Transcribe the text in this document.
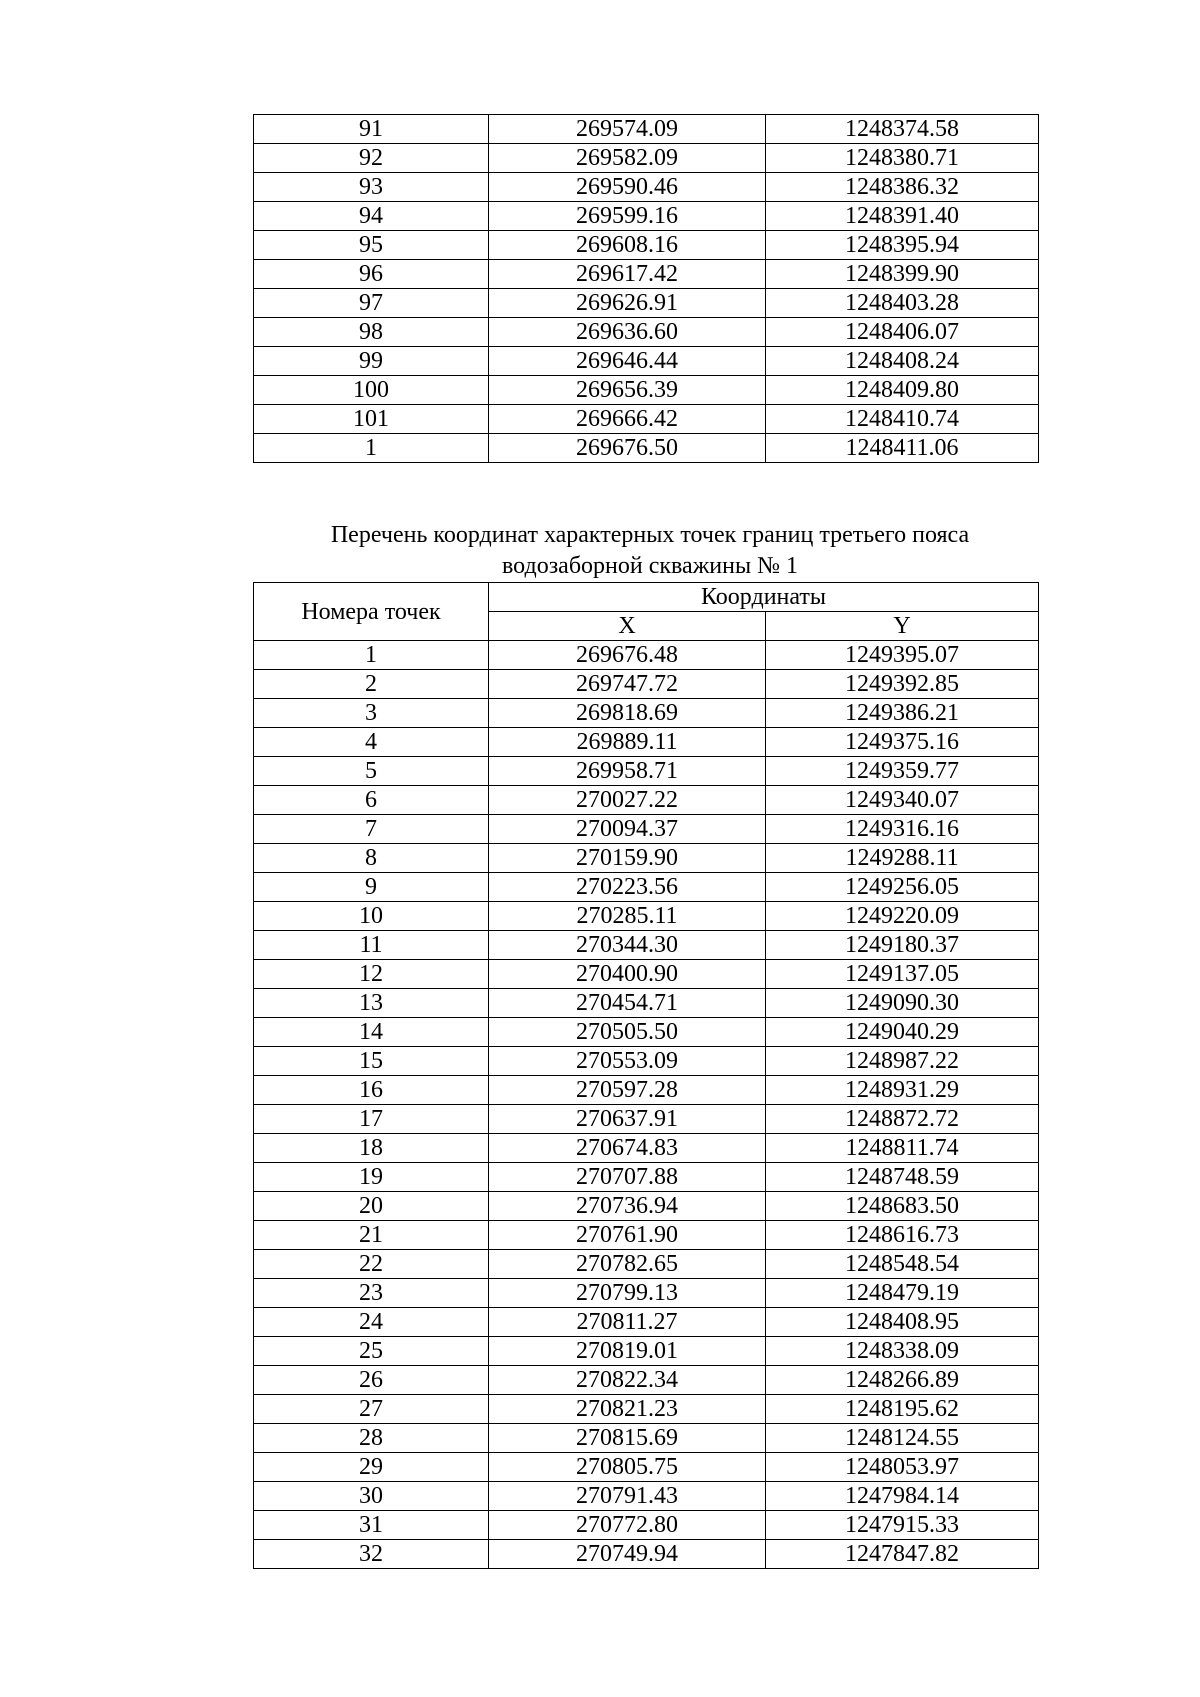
91	269574.09	1248374.58
92	269582.09	1248380.71
93	269590.46	1248386.32
94	269599.16	1248391.40
95	269608.16	1248395.94
96	269617.42	1248399.90
97	269626.91	1248403.28
98	269636.60	1248406.07
99	269646.44	1248408.24
100	269656.39	1248409.80
101	269666.42	1248410.74
1	269676.50	1248411.06
Перечень координат характерных точек границ третьего пояса
водозаборной скважины № 1
Номера точек	Координаты	
	X	Y
1	269676.48	1249395.07
2	269747.72	1249392.85
3	269818.69	1249386.21
4	269889.11	1249375.16
5	269958.71	1249359.77
6	270027.22	1249340.07
7	270094.37	1249316.16
8	270159.90	1249288.11
9	270223.56	1249256.05
10	270285.11	1249220.09
11	270344.30	1249180.37
12	270400.90	1249137.05
13	270454.71	1249090.30
14	270505.50	1249040.29
15	270553.09	1248987.22
16	270597.28	1248931.29
17	270637.91	1248872.72
18	270674.83	1248811.74
19	270707.88	1248748.59
20	270736.94	1248683.50
21	270761.90	1248616.73
22	270782.65	1248548.54
23	270799.13	1248479.19
24	270811.27	1248408.95
25	270819.01	1248338.09
26	270822.34	1248266.89
27	270821.23	1248195.62
28	270815.69	1248124.55
29	270805.75	1248053.97
30	270791.43	1247984.14
31	270772.80	1247915.33
32	270749.94	1247847.82
